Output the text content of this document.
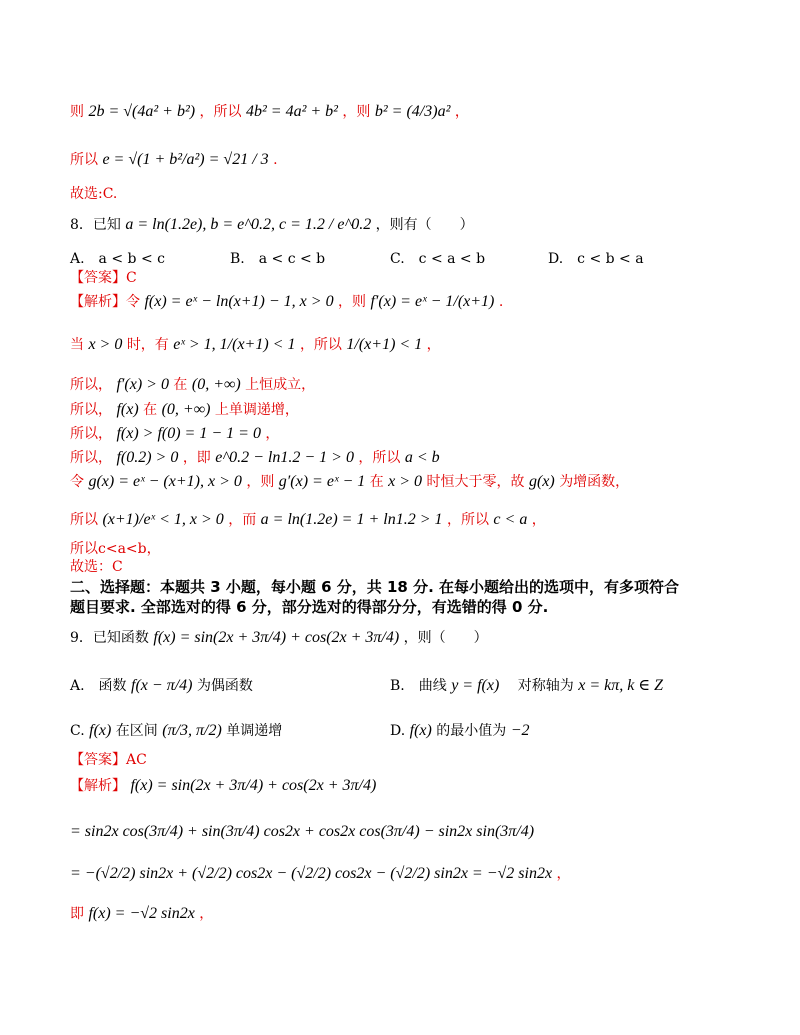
则 2b = √(4a² + b²) ，所以 4b² = 4a² + b² ，则 b² = (4/3)a² ，
所以 e = √(1 + b²/a²) = √21 / 3 .
故选:C.
8．已知 a = ln(1.2e), b = e^0.2, c = 1.2 / e^0.2 ，则有（　　）
A.　a < b < c	B.　a < c < b	C.　c < a < b	D.　c < b < a
【答案】C
【解析】令 f(x) = eˣ − ln(x+1) − 1, x > 0 ，则 f′(x) = eˣ − 1/(x+1) .
当 x > 0 时，有 eˣ > 1, 1/(x+1) < 1 ，所以 1/(x+1) < 1 ，
所以， f′(x) > 0 在 (0, +∞) 上恒成立，
所以， f(x) 在 (0, +∞) 上单调递增，
所以， f(x) > f(0) = 1 − 1 = 0 ，
所以， f(0.2) > 0 ，即 e^0.2 − ln1.2 − 1 > 0 ，所以 a < b
令 g(x) = eˣ − (x+1), x > 0 ，则 g′(x) = eˣ − 1 在 x > 0 时恒大于零，故 g(x) 为增函数，
所以 (x+1)/eˣ < 1, x > 0 ，而 a = ln(1.2e) = 1 + ln1.2 > 1 ，所以 c < a ，
所以c<a<b，
故选：C
二、选择题：本题共 3 小题，每小题 6 分，共 18 分. 在每小题给出的选项中，有多项符合
题目要求. 全部选对的得 6 分，部分选对的得部分分，有选错的得 0 分.
9．已知函数 f(x) = sin(2x + 3π/4) + cos(2x + 3π/4) ，则（　　）
A.　函数 f(x − π/4) 为偶函数	B.　曲线 y = f(x) 　对称轴为 x = kπ, k ∈ Z
C. f(x) 在区间 (π/3, π/2) 单调递增	D. f(x) 的最小值为 −2
【答案】AC
【解析】 f(x) = sin(2x + 3π/4) + cos(2x + 3π/4)
= sin2x cos(3π/4) + sin(3π/4) cos2x + cos2x cos(3π/4) − sin2x sin(3π/4)
= −(√2/2) sin2x + (√2/2) cos2x − (√2/2) cos2x − (√2/2) sin2x = −√2 sin2x ，
即 f(x) = −√2 sin2x ，
